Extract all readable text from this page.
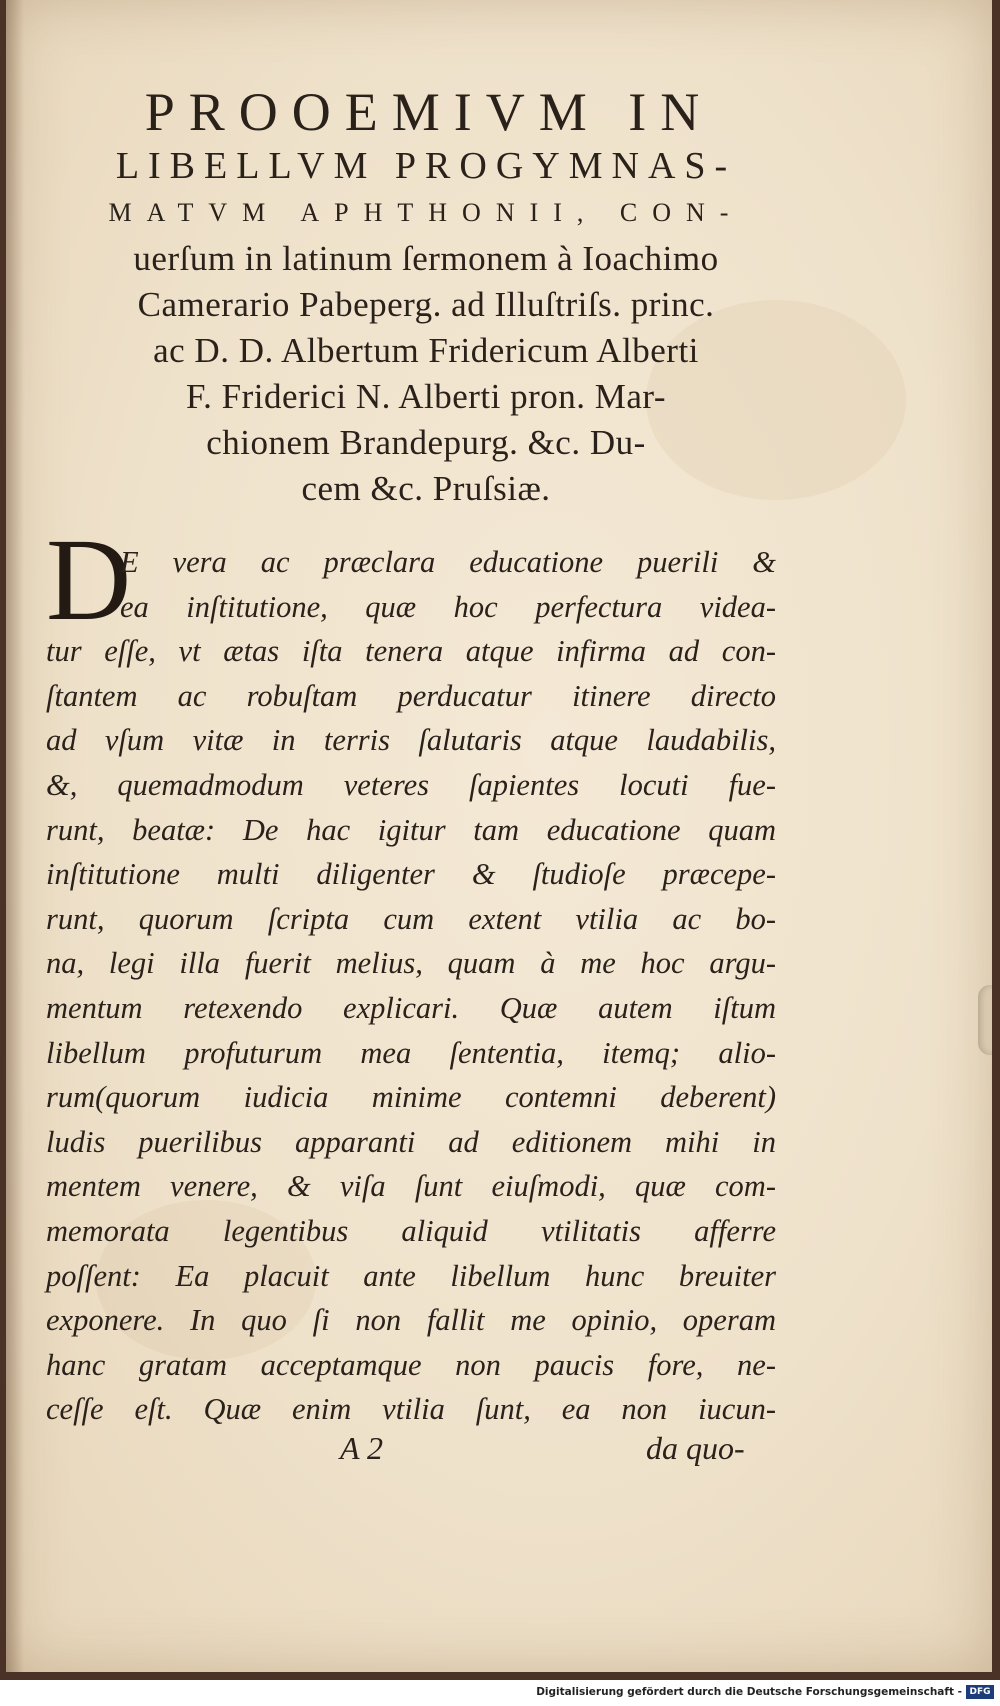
PROOEMIVM IN
LIBELLVM PROGYMNAS-
MATVM APHTHONII, CON-
uerſum in latinum ſermonem à Ioachimo
Camerario Pabeperg. ad Illuſtriſs. princ.
ac D. D. Albertum Fridericum Alberti
F. Friderici N. Alberti pron. Mar-
chionem Brandepurg. &c. Du-
cem &c. Pruſsiæ.
D
E vera ac præclara educatione puerili &
ea inſtitutione, quæ hoc perfectura videa-
tur eſſe, vt ætas iſta tenera atque infirma ad con-
ſtantem ac robuſtam perducatur itinere directo
ad vſum vitæ in terris ſalutaris atque laudabilis,
&, quemadmodum veteres ſapientes locuti fue-
runt, beatæ: De hac igitur tam educatione quam
inſtitutione multi diligenter & ſtudioſe præcepe-
runt, quorum ſcripta cum extent vtilia ac bo-
na, legi illa fuerit melius, quam à me hoc argu-
mentum retexendo explicari. Quæ autem iſtum
libellum profuturum mea ſententia, itemq; alio-
rum(quorum iudicia minime contemni deberent)
ludis puerilibus apparanti ad editionem mihi in
mentem venere, & viſa ſunt eiuſmodi, quæ com-
memorata legentibus aliquid vtilitatis afferre
poſſent: Ea placuit ante libellum hunc breuiter
exponere. In quo ſi non fallit me opinio, operam
hanc gratam acceptamque non paucis fore, ne-
ceſſe eſt. Quæ enim vtilia ſunt, ea non iucun-
A 2	da quo-
Digitalisierung gefördert durch die Deutsche Forschungsgemeinschaft - DFG
